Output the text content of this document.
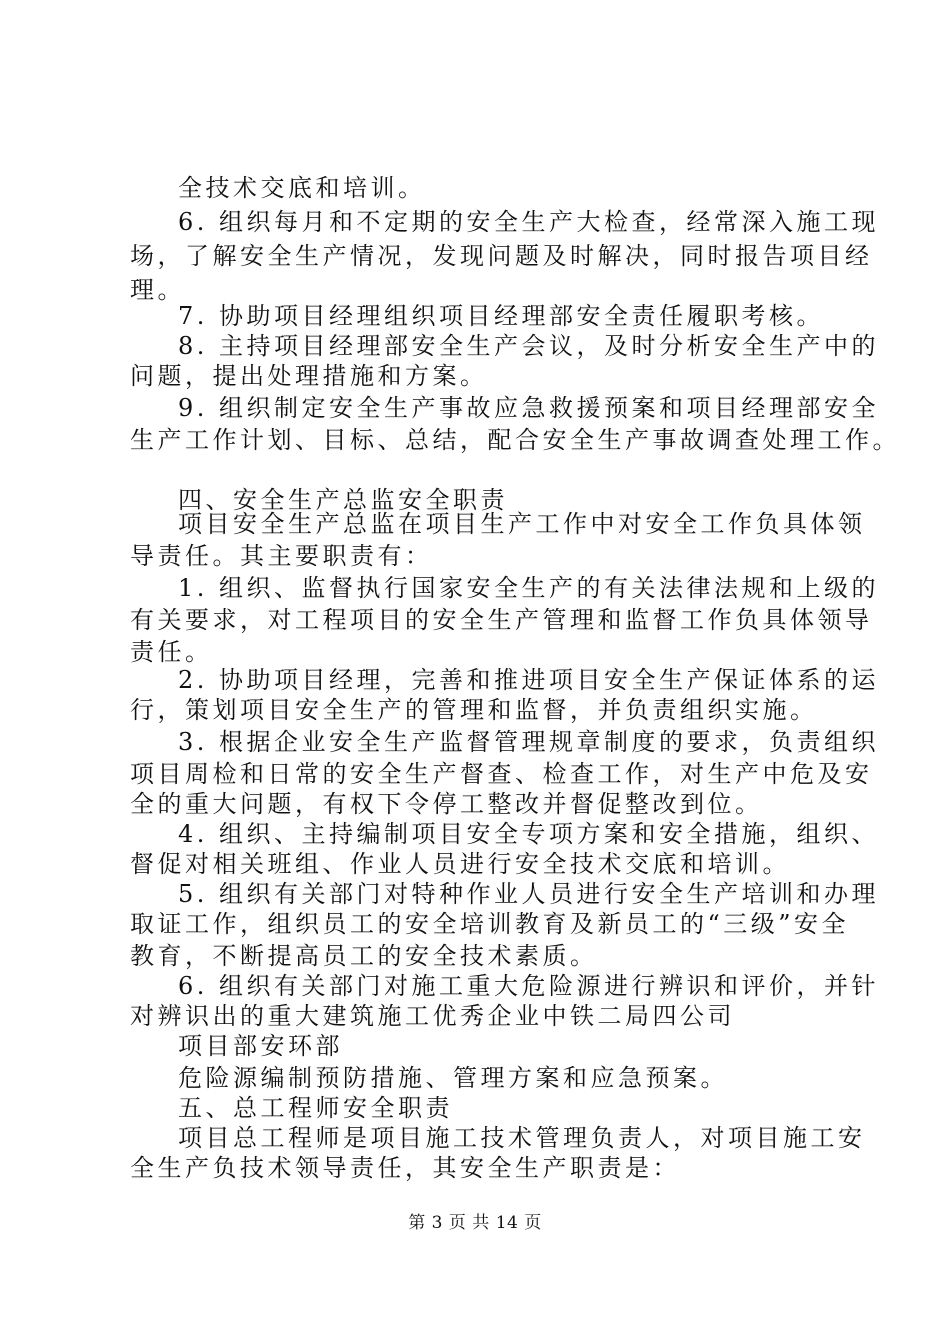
全技术交底和培训。
6. 组织每月和不定期的安全生产大检查，经常深入施工现
场，了解安全生产情况，发现问题及时解决，同时报告项目经
理。
7. 协助项目经理组织项目经理部安全责任履职考核。
8. 主持项目经理部安全生产会议，及时分析安全生产中的
问题，提出处理措施和方案。
9. 组织制定安全生产事故应急救援预案和项目经理部安全
生产工作计划、目标、总结，配合安全生产事故调查处理工作。
四、安全生产总监安全职责
项目安全生产总监在项目生产工作中对安全工作负具体领
导责任。其主要职责有：
1. 组织、监督执行国家安全生产的有关法律法规和上级的
有关要求，对工程项目的安全生产管理和监督工作负具体领导
责任。
2. 协助项目经理，完善和推进项目安全生产保证体系的运
行，策划项目安全生产的管理和监督，并负责组织实施。
3. 根据企业安全生产监督管理规章制度的要求，负责组织
项目周检和日常的安全生产督查、检查工作，对生产中危及安
全的重大问题，有权下令停工整改并督促整改到位。
4. 组织、主持编制项目安全专项方案和安全措施，组织、
督促对相关班组、作业人员进行安全技术交底和培训。
5. 组织有关部门对特种作业人员进行安全生产培训和办理
取证工作，组织员工的安全培训教育及新员工的“三级”安全
教育，不断提高员工的安全技术素质。
6. 组织有关部门对施工重大危险源进行辨识和评价，并针
对辨识出的重大建筑施工优秀企业中铁二局四公司
项目部安环部
危险源编制预防措施、管理方案和应急预案。
五、总工程师安全职责
项目总工程师是项目施工技术管理负责人，对项目施工安
全生产负技术领导责任，其安全生产职责是：
第 3 页 共 14 页
